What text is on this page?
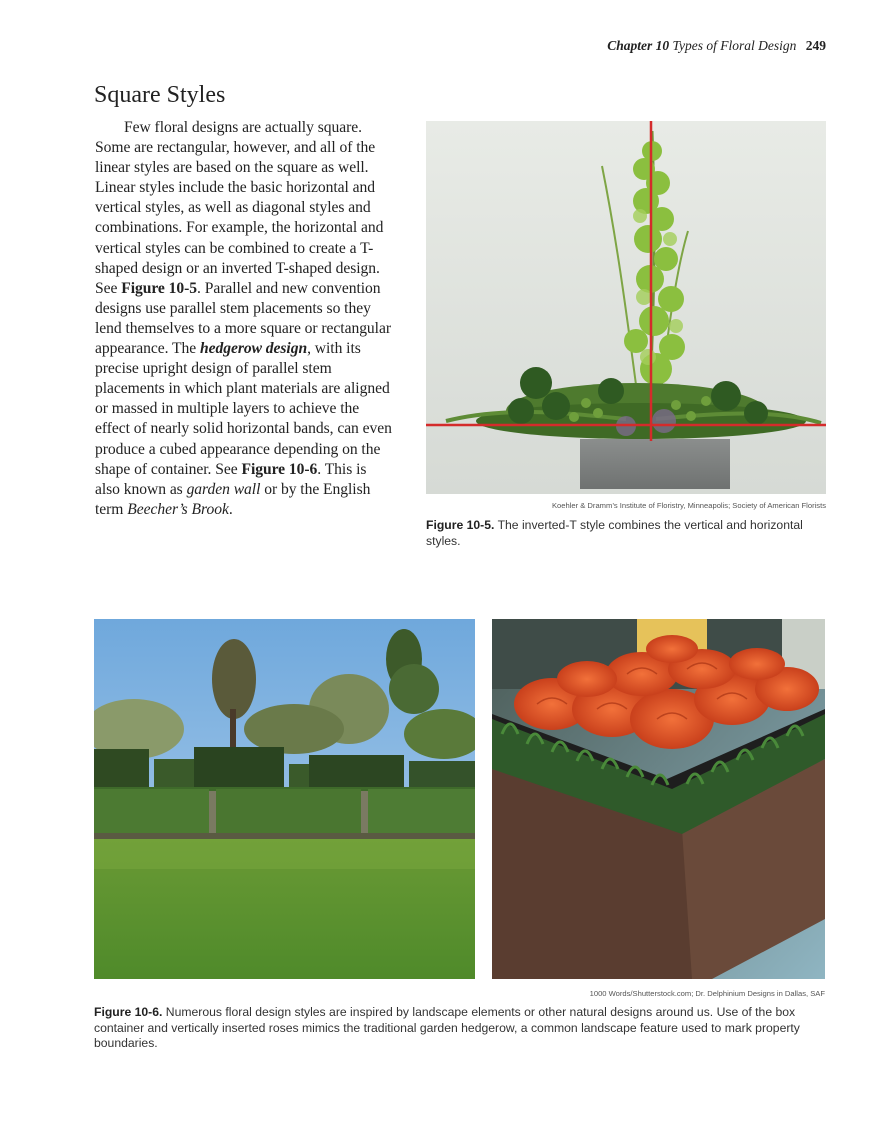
Chapter 10 Types of Floral Design 249
Square Styles

Few floral designs are actually square. Some are rectangular, however, and all of the linear styles are based on the square as well. Linear styles include the basic horizontal and vertical styles, as well as diagonal styles and combinations. For example, the horizontal and vertical styles can be combined to create a T-shaped design or an inverted T-shaped design. See Figure 10-5. Parallel and new convention designs use parallel stem placements so they lend themselves to a more square or rectangular appearance. The hedgerow design, with its precise upright design of parallel stem placements in which plant materials are aligned or massed in multiple layers to achieve the effect of nearly solid horizontal bands, can even produce a cubed appearance depending on the shape of container. See Figure 10-6. This is also known as garden wall or by the English term Beecher’s Brook.	Koehler & Dramm’s Institute of Floristry, Minneapolis; Society of American Florists

Figure 10-5. The inverted-T style combines the vertical and horizontal styles.

1000 Words/Shutterstock.com; Dr. Delphinium Designs in Dallas, SAF

Figure 10-6. Numerous floral design styles are inspired by landscape elements or other natural designs around us. Use of the box container and vertically inserted roses mimics the traditional garden hedgerow, a common landscape feature used to mark property boundaries.
